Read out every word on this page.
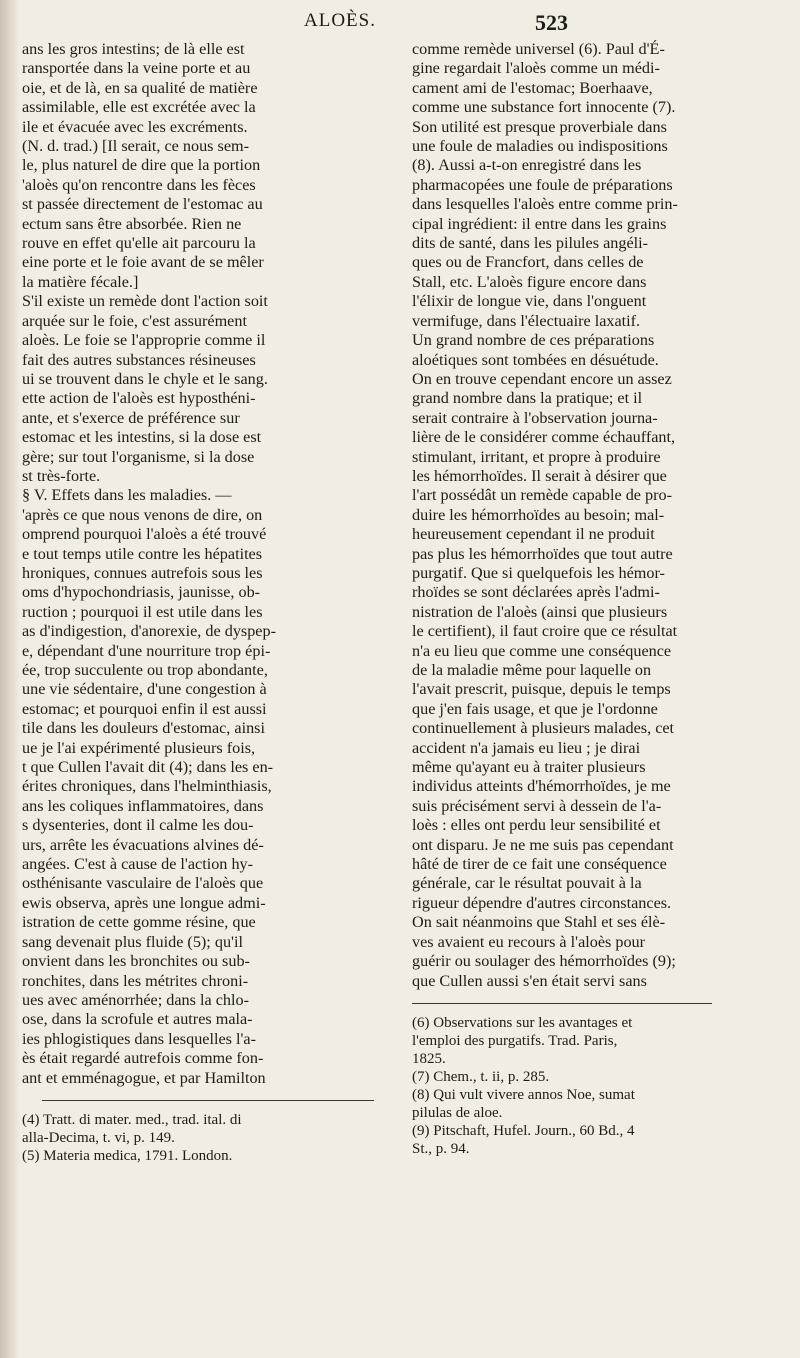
ALOÈS.	523
ans les gros intestins; de là elle est
ransportée dans la veine porte et au
oie, et de là, en sa qualité de matière
assimilable, elle est excrétée avec la
ile et évacuée avec les excréments.
(N. d. trad.) [Il serait, ce nous sem-
le, plus naturel de dire que la portion
'aloès qu'on rencontre dans les fèces
st passée directement de l'estomac au
ectum sans être absorbée. Rien ne
rouve en effet qu'elle ait parcouru la
eine porte et le foie avant de se mêler
la matière fécale.]
S'il existe un remède dont l'action soit
arquée sur le foie, c'est assurément
aloès. Le foie se l'approprie comme il
fait des autres substances résineuses
ui se trouvent dans le chyle et le sang.
ette action de l'aloès est hyposthéni-
ante, et s'exerce de préférence sur
estomac et les intestins, si la dose est
gère; sur tout l'organisme, si la dose
st très-forte.
§ V. Effets dans les maladies. —
'après ce que nous venons de dire, on
omprend pourquoi l'aloès a été trouvé
e tout temps utile contre les hépatites
hroniques, connues autrefois sous les
oms d'hypochondriasis, jaunisse, ob-
ruction ; pourquoi il est utile dans les
as d'indigestion, d'anorexie, de dyspep-
e, dépendant d'une nourriture trop épi-
ée, trop succulente ou trop abondante,
une vie sédentaire, d'une congestion à
estomac; et pourquoi enfin il est aussi
tile dans les douleurs d'estomac, ainsi
ue je l'ai expérimenté plusieurs fois,
t que Cullen l'avait dit (4); dans les en-
érites chroniques, dans l'helminthiasis,
ans les coliques inflammatoires, dans
s dysenteries, dont il calme les dou-
urs, arrête les évacuations alvines dé-
angées. C'est à cause de l'action hy-
osthénisante vasculaire de l'aloès que
ewis observa, après une longue admi-
istration de cette gomme résine, que
sang devenait plus fluide (5); qu'il
onvient dans les bronchites ou sub-
ronchites, dans les métrites chroni-
ues avec aménorrhée; dans la chlo-
ose, dans la scrofule et autres mala-
ies phlogistiques dans lesquelles l'a-
ès était regardé autrefois comme fon-
ant et emménagogue, et par Hamilton
(4) Tratt. di mater. med., trad. ital. di
alla-Decima, t. vi, p. 149.
(5) Materia medica, 1791. London.
comme remède universel (6). Paul d'É-
gine regardait l'aloès comme un médi-
cament ami de l'estomac; Boerhaave,
comme une substance fort innocente (7).
Son utilité est presque proverbiale dans
une foule de maladies ou indispositions
(8). Aussi a-t-on enregistré dans les
pharmacopées une foule de préparations
dans lesquelles l'aloès entre comme prin-
cipal ingrédient: il entre dans les grains
dits de santé, dans les pilules angéli-
ques ou de Francfort, dans celles de
Stall, etc. L'aloès figure encore dans
l'élixir de longue vie, dans l'onguent
vermifuge, dans l'électuaire laxatif.
Un grand nombre de ces préparations
aloétiques sont tombées en désuétude.
On en trouve cependant encore un assez
grand nombre dans la pratique; et il
serait contraire à l'observation journa-
lière de le considérer comme échauffant,
stimulant, irritant, et propre à produire
les hémorrhoïdes. Il serait à désirer que
l'art possédât un remède capable de pro-
duire les hémorrhoïdes au besoin; mal-
heureusement cependant il ne produit
pas plus les hémorrhoïdes que tout autre
purgatif. Que si quelquefois les hémor-
rhoïdes se sont déclarées après l'admi-
nistration de l'aloès (ainsi que plusieurs
le certifient), il faut croire que ce résultat
n'a eu lieu que comme une conséquence
de la maladie même pour laquelle on
l'avait prescrit, puisque, depuis le temps
que j'en fais usage, et que je l'ordonne
continuellement à plusieurs malades, cet
accident n'a jamais eu lieu ; je dirai
même qu'ayant eu à traiter plusieurs
individus atteints d'hémorrhoïdes, je me
suis précisément servi à dessein de l'a-
loès : elles ont perdu leur sensibilité et
ont disparu. Je ne me suis pas cependant
hâté de tirer de ce fait une conséquence
générale, car le résultat pouvait à la
rigueur dépendre d'autres circonstances.
On sait néanmoins que Stahl et ses élè-
ves avaient eu recours à l'aloès pour
guérir ou soulager des hémorrhoïdes (9);
que Cullen aussi s'en était servi sans
(6) Observations sur les avantages et
l'emploi des purgatifs. Trad. Paris,
1825.
(7) Chem., t. ii, p. 285.
(8) Qui vult vivere annos Noe, sumat
pilulas de aloe.
(9) Pitschaft, Hufel. Journ., 60 Bd., 4
St., p. 94.
